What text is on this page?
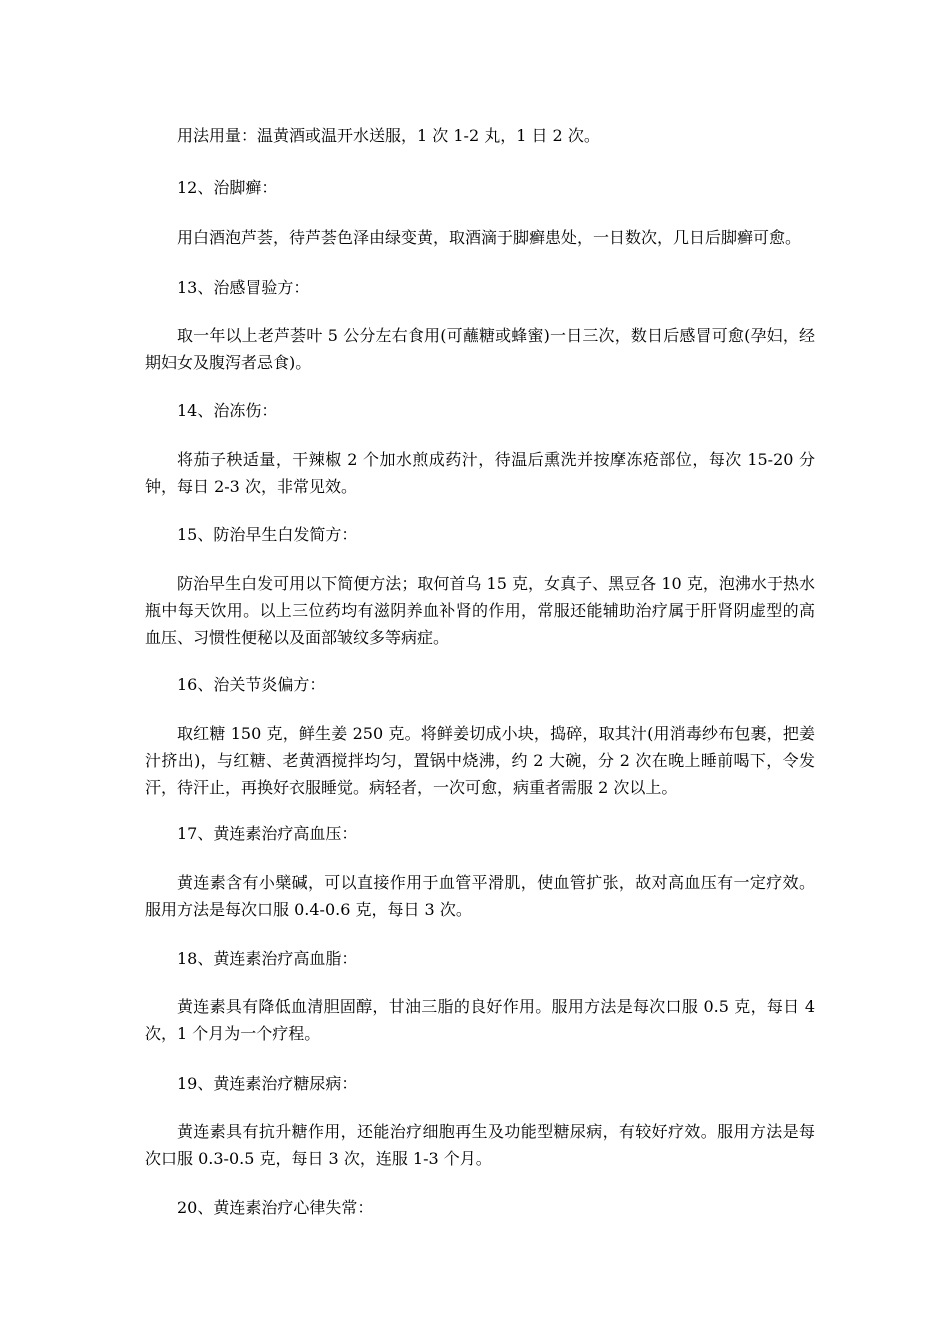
用法用量：温黄酒或温开水送服，1 次 1-2 丸，1 日 2 次。

12、治脚癣：

用白酒泡芦荟，待芦荟色泽由绿变黄，取酒滴于脚癣患处，一日数次，几日后脚癣可愈。

13、治感冒验方：

取一年以上老芦荟叶 5 公分左右食用(可蘸糖或蜂蜜)一日三次，数日后感冒可愈(孕妇，经期妇女及腹泻者忌食)。

14、治冻伤：

将茄子秧适量，干辣椒 2 个加水煎成药汁，待温后熏洗并按摩冻疮部位，每次 15-20 分钟，每日 2-3 次，非常见效。

15、防治早生白发简方：

防治早生白发可用以下简便方法；取何首乌 15 克，女真子、黑豆各 10 克，泡沸水于热水瓶中每天饮用。以上三位药均有滋阴养血补肾的作用，常服还能辅助治疗属于肝肾阴虚型的高血压、习惯性便秘以及面部皱纹多等病症。

16、治关节炎偏方：

取红糖 150 克，鲜生姜 250 克。将鲜姜切成小块，捣碎，取其汁(用消毒纱布包裹，把姜汁挤出)，与红糖、老黄酒搅拌均匀，置锅中烧沸，约 2 大碗，分 2 次在晚上睡前喝下，令发汗，待汗止，再换好衣服睡觉。病轻者，一次可愈，病重者需服 2 次以上。

17、黄连素治疗高血压：

黄连素含有小檗碱，可以直接作用于血管平滑肌，使血管扩张，故对高血压有一定疗效。服用方法是每次口服 0.4-0.6 克，每日 3 次。

18、黄连素治疗高血脂：

黄连素具有降低血清胆固醇，甘油三脂的良好作用。服用方法是每次口服 0.5 克，每日 4 次，1 个月为一个疗程。

19、黄连素治疗糖尿病：

黄连素具有抗升糖作用，还能治疗细胞再生及功能型糖尿病，有较好疗效。服用方法是每次口服 0.3-0.5 克，每日 3 次，连服 1-3 个月。

20、黄连素治疗心律失常：
